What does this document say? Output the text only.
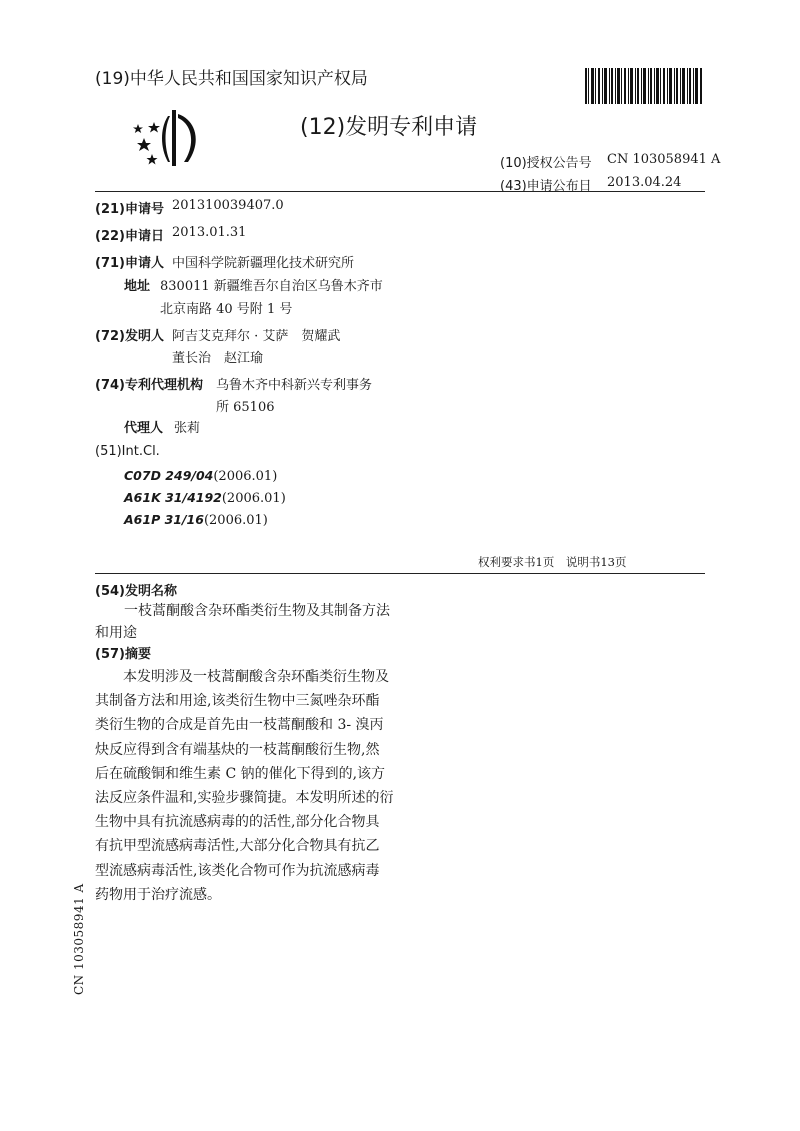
(19)中华人民共和国国家知识产权局
(12)发明专利申请
(10)授权公告号 CN 103058941 A
(43)申请公布日 2013.04.24
(21)申请号 201310039407.0
(22)申请日 2013.01.31
(71)申请人 中国科学院新疆理化技术研究所
地址 830011 新疆维吾尔自治区乌鲁木齐市
北京南路 40 号附 1 号
(72)发明人 阿吉艾克拜尔 · 艾萨　贺耀武
董长治　赵江瑜
(74)专利代理机构 乌鲁木齐中科新兴专利事务
所 65106
代理人 张莉
(51)Int.Cl.
C07D 249/04(2006.01)
A61K 31/4192(2006.01)
A61P 31/16(2006.01)
权利要求书1页　说明书13页
(54)发明名称
一枝蒿酮酸含杂环酯类衍生物及其制备方法
和用途
(57)摘要
本发明涉及一枝蒿酮酸含杂环酯类衍生物及
其制备方法和用途,该类衍生物中三氮唑杂环酯
类衍生物的合成是首先由一枝蒿酮酸和 3- 溴丙
炔反应得到含有端基炔的一枝蒿酮酸衍生物,然
后在硫酸铜和维生素 C 钠的催化下得到的,该方
法反应条件温和,实验步骤简捷。本发明所述的衍
生物中具有抗流感病毒的的活性,部分化合物具
有抗甲型流感病毒活性,大部分化合物具有抗乙
型流感病毒活性,该类化合物可作为抗流感病毒
药物用于治疗流感。
CN 103058941 A
